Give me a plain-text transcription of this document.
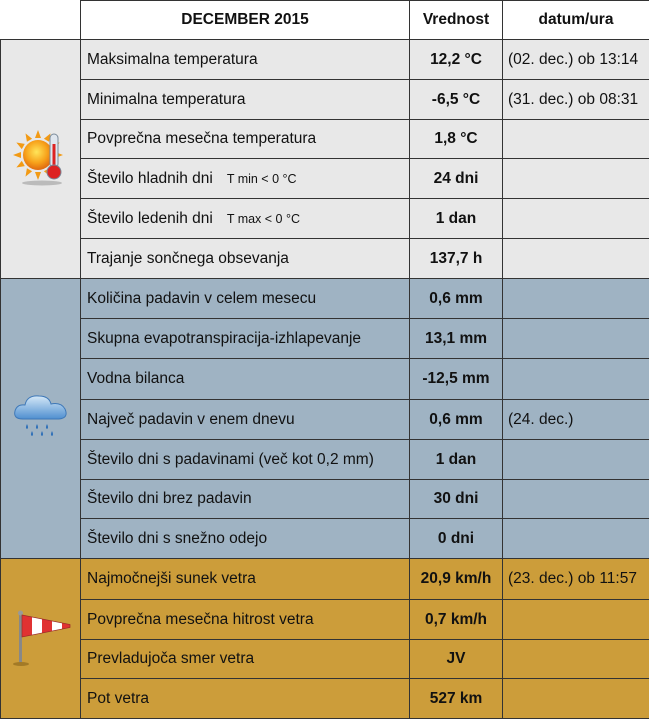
	DECEMBER 2015	Vrednost	datum/ura
	Maksimalna temperatura	12,2 °C	(02. dec.) ob 13:14
	Minimalna temperatura	-6,5 °C	(31. dec.) ob 08:31
	Povprečna mesečna temperatura	1,8 °C	
	Število hladnih dni T min < 0 °C	24 dni	
	Število ledenih dni T max < 0 °C	1 dan	
	Trajanje sončnega obsevanja	137,7 h	
	Količina padavin v celem mesecu	0,6 mm	
	Skupna evapotranspiracija-izhlapevanje	13,1 mm	
	Vodna bilanca	-12,5 mm	
	Največ padavin v enem dnevu	0,6 mm	(24. dec.)
	Število dni s padavinami (več kot 0,2 mm)	1 dan	
	Število dni brez padavin	30 dni	
	Število dni s snežno odejo	0 dni	
	Najmočnejši sunek vetra	20,9 km/h	(23. dec.) ob 11:57
	Povprečna mesečna hitrost vetra	0,7 km/h	
	Prevladujoča smer vetra	JV	
	Pot vetra	527 km	
